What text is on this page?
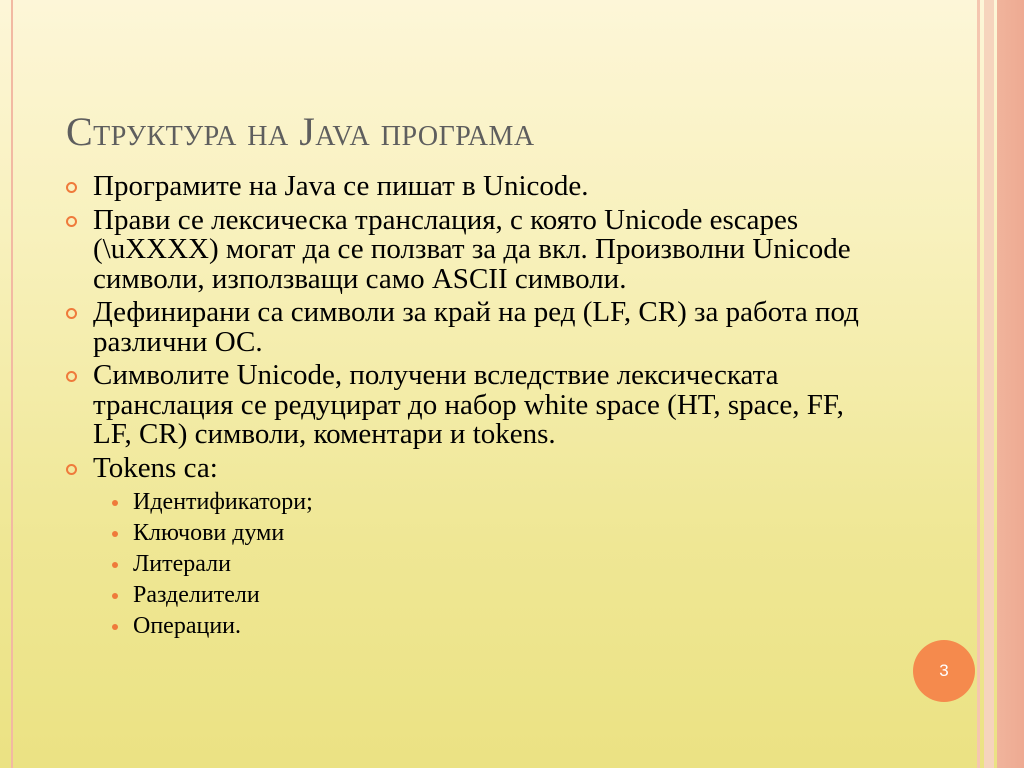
Структура на Java програма
Програмите на Java се пишат в Unicode.
Прави се лексическа транслация, с която Unicode escapes (\uXXXX) могат да се ползват за да вкл. Произволни Unicode символи, използващи само ASCII символи.
Дефинирани са символи за край на ред (LF, CR) за работа под различни ОС.
Символите Unicode, получени вследствие лексическата транслация се редуцират до набор white space (HT, space, FF, LF, CR) символи, коментари и tokens.
Tokens са:
Идентификатори;
Ключови думи
Литерали
Разделители
Операции.
3
